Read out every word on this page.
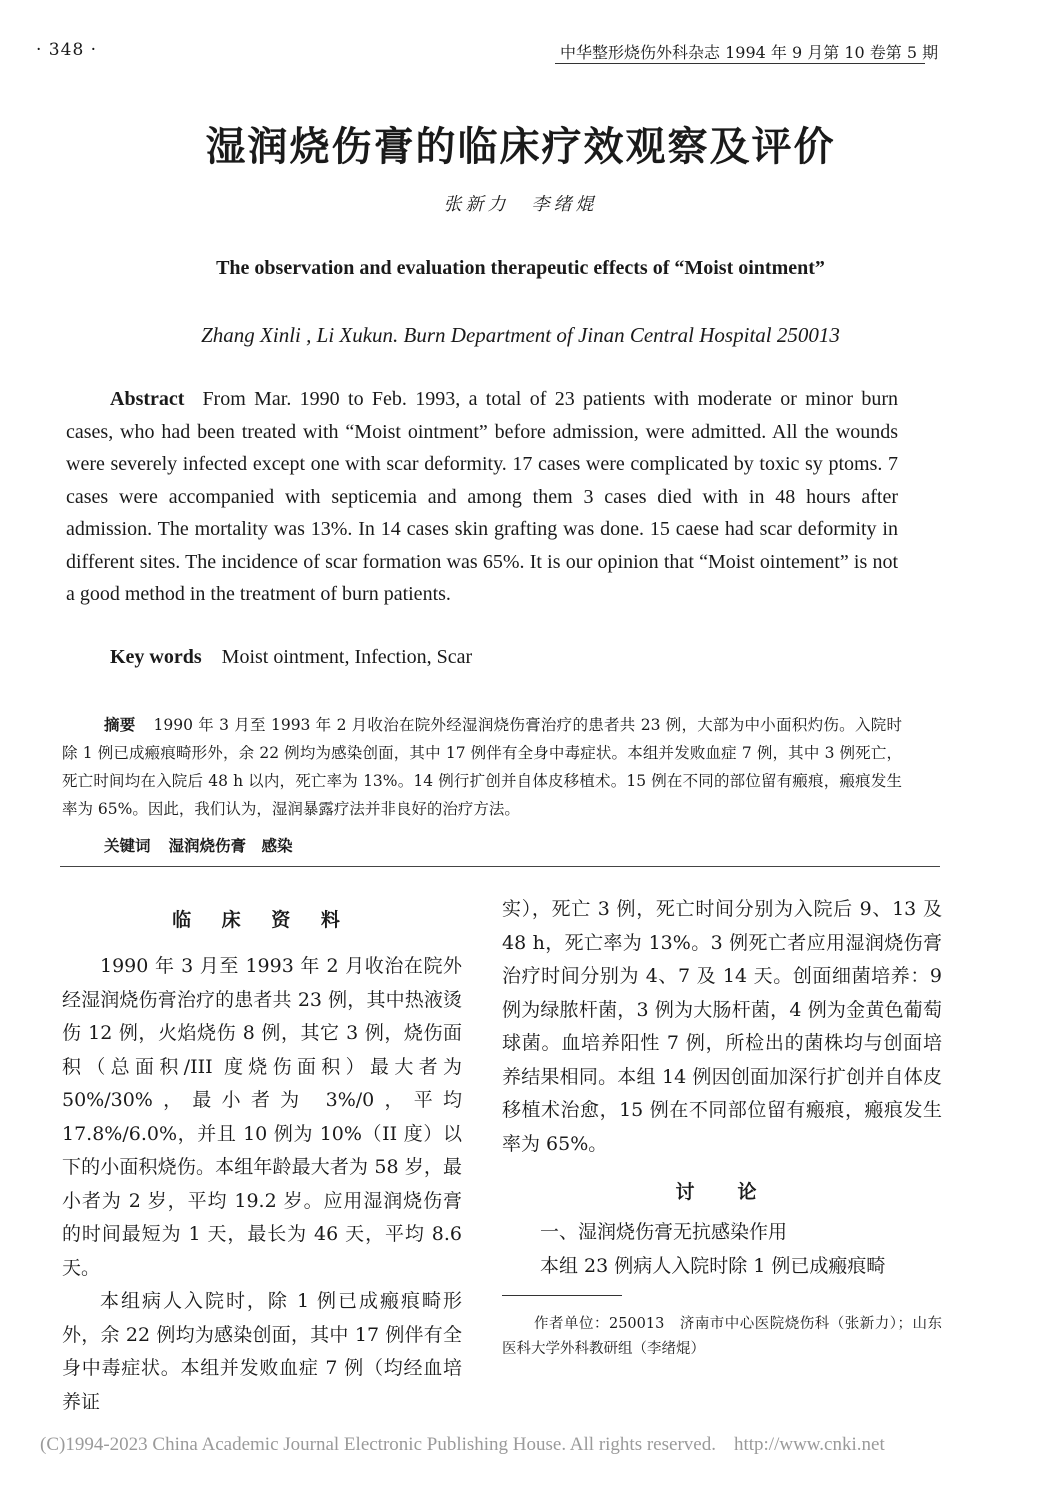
· 348 ·	中华整形烧伤外科杂志 1994 年 9 月第 10 卷第 5 期
湿润烧伤膏的临床疗效观察及评价
张新力　李绪焜
The observation and evaluation therapeutic effects of “Moist ointment”
Zhang Xinli , Li Xukun. Burn Department of Jinan Central Hospital 250013
Abstract From Mar. 1990 to Feb. 1993, a total of 23 patients with moderate or minor burn cases, who had been treated with “Moist ointment” before admission, were admitted. All the wounds were severely infected except one with scar deformity. 17 cases were complicated by toxic sy ptoms. 7 cases were accompanied with septicemia and among them 3 cases died with in 48 hours after admission. The mortality was 13%. In 14 cases skin grafting was done. 15 caese had scar deformity in different sites. The incidence of scar formation was 65%. It is our opinion that “Moist ointement” is not a good method in the treatment of burn patients.
Key words Moist ointment, Infection, Scar
摘要 1990 年 3 月至 1993 年 2 月收治在院外经湿润烧伤膏治疗的患者共 23 例，大部为中小面积灼伤。入院时除 1 例已成瘢痕畸形外，余 22 例均为感染创面，其中 17 例伴有全身中毒症状。本组并发败血症 7 例，其中 3 例死亡，死亡时间均在入院后 48 h 以内，死亡率为 13%。14 例行扩创并自体皮移植术。15 例在不同的部位留有瘢痕，瘢痕发生率为 65%。因此，我们认为，湿润暴露疗法并非良好的治疗方法。
关键词 湿润烧伤膏　感染
临 床 资 料

1990 年 3 月至 1993 年 2 月收治在院外经湿润烧伤膏治疗的患者共 23 例，其中热液烫伤 12 例，火焰烧伤 8 例，其它 3 例，烧伤面积（总面积/III 度烧伤面积）最大者为 50%/30%，最小者为 3%/0，平均 17.8%/6.0%，并且 10 例为 10%（II 度）以下的小面积烧伤。本组年龄最大者为 58 岁，最小者为 2 岁，平均 19.2 岁。应用湿润烧伤膏的时间最短为 1 天，最长为 46 天，平均 8.6 天。

本组病人入院时，除 1 例已成瘢痕畸形外，余 22 例均为感染创面，其中 17 例伴有全身中毒症状。本组并发败血症 7 例（均经血培养证

实），死亡 3 例，死亡时间分别为入院后 9、13 及 48 h，死亡率为 13%。3 例死亡者应用湿润烧伤膏治疗时间分别为 4、7 及 14 天。创面细菌培养：9 例为绿脓杆菌，3 例为大肠杆菌，4 例为金黄色葡萄球菌。血培养阳性 7 例，所检出的菌株均与创面培养结果相同。本组 14 例因创面加深行扩创并自体皮移植术治愈，15 例在不同部位留有瘢痕，瘢痕发生率为 65%。

讨　论

一、湿润烧伤膏无抗感染作用

本组 23 例病人入院时除 1 例已成瘢痕畸

作者单位：250013　济南市中心医院烧伤科（张新力）；山东医科大学外科教研组（李绪焜）
(C)1994-2023 China Academic Journal Electronic Publishing House. All rights reserved. http://www.cnki.net
